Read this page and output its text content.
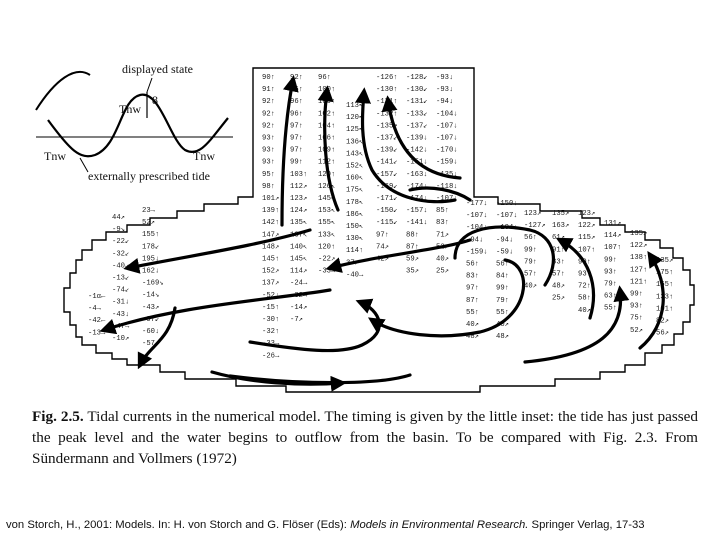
displayed state
Thw
8
Tnw	Tnw
externally prescribed tide
-1α←
-4→
-42←
-13→
44↗
-9↘
-22↙
-32↙
-40↙
-13↙
-74↙
-31↓
-43↓
-47→
-10↗
23→
52↗
155↑
178↙
195↓
162↓
-169↘
-14↘
-43↗
-97↙
-60↓
-57↙
90↑
91↑
92↑
92↑
92↑
93↑
93↑
93↑
95↑
98↑
101↗
139↑
142↑
147↗
148↗
145↑
152↗
137↗
-52↓
-15↑
-30↑
-32↑
-33→
-26→
92↑
95↑
96↑
96↑
97↑
97↑
97↑
99↑
103↑
112↗
123↗
124↗
135↖
137↖
140↖
145↖
114↗
-24→
-32→
-14↗
-7↗
96↑
100↑
100↑
102↑
104↑
106↑
109↑
112↑
120↑
126↖
145↖
153↖
155↖
133↖
120↑
-22↗
-33→
113↖
120↖
125↖
136↖
143↖
152↖
160↖
175↖
178↖
186↖
150↖
130↖
114↑
37↗
-40→
-126↑
-130↑
-131↑
-132↑
-135↗
-137↙
-139↙
-141↙
-157↙
-169↙
-171↙
-150↙
-115↙
97↑
74↗
42↗
-128↙
-130↙
-131↙
-133↙
-137↙
-139↓
-142↓
-151↓
-163↓
-174↓
-174↓
-157↓
-141↓
88↑
87↑
59↗
35↗
-93↓
-93↓
-94↓
-104↓
-107↓
-107↓
-170↓
-159↓
-135↓
-118↓
-107↓
85↑
83↑
71↗
52↗
40↗
25↗
-177↓
-107↓
-104↓
-94↓
-159↓
56↑
83↑
97↑
87↑
55↑
40↗
48↗
-150↓
-107↓
-104↓
-94↓
-59↓
56↑
84↑
99↑
79↑
55↑
40↗
48↗
123↗
-127↗
56↑
99↑
79↑
57↑
40↗
135↗
163↗
61↗
91↑
83↑
57↑
48↗
25↗
123↗
122↗
115↗
107↑
99↑
93↑
72↑
58↑
40↗
131↗
114↗
107↑
99↑
93↑
79↑
63↑
55↑
135↗
122↗
138↑
127↑
121↑
99↑
93↑
75↑
52↗
135↗
175↑
155↑
133↑
101↑
82↗
56↗
Fig. 2.5. Tidal currents in the numerical model. The timing is given by the little inset: the tide has just passed the peak level and the water begins to outflow from the basin. To be compared with Fig. 2.3. From Sündermann and Vollmers (1972)
von Storch, H., 2001: Models. In: H. von Storch and G. Flöser (Eds): Models in Environmental Research. Springer Verlag, 17-33
